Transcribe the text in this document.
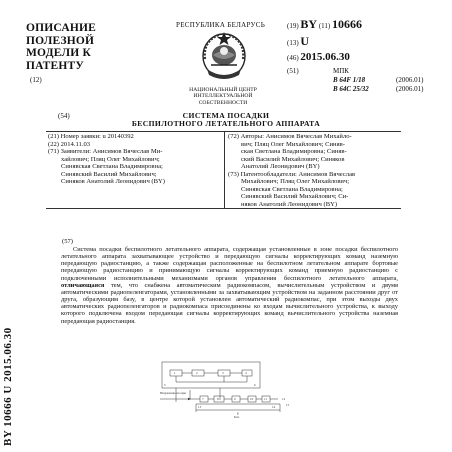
ОПИСАНИЕ
ПОЛЕЗНОЙ
МОДЕЛИ К
ПАТЕНТУ
(12)
РЕСПУБЛИКА БЕЛАРУСЬ
НАЦИОНАЛЬНЫЙ ЦЕНТР
ИНТЕЛЛЕКТУАЛЬНОЙ
СОБСТВЕННОСТИ
(19) BY (11) 10666
(13) U
(46) 2015.06.30
(51)	МПК
B 64F 1/18	(2006.01)
B 64C 25/32	(2006.01)
(54)	СИСТЕМА ПОСАДКИ
БЕСПИЛОТНОГО ЛЕТАТЕЛЬНОГО АППАРАТА
(21) Номер заявки: u 20140392
(22) 2014.11.03
(71) Заявители: Анисимов Вячеслав Ми-
хайлович; Пляц Олег Михайлович;
Синявская Светлана Владимировна;
Синявский Василий Михайлович;
Синяков Анатолий Леонидович (BY)
(72) Авторы: Анисимов Вячеслав Михайло-
вич; Пляц Олег Михайлович; Синяв-
ская Светлана Владимировна; Синяв-
ский Василий Михайлович; Синяков
Анатолий Леонидович (BY)
(73) Патентообладатели: Анисимов Вячеслав
Михайлович; Пляц Олег Михайлович;
Синявская Светлана Владимировна;
Синявский Василий Михайлович; Си-
няков Анатолий Леонидович (BY)
BY 10666 U 2015.06.30
(57)
Система посадки беспилотного летательного аппарата, содержащая установленные в зоне посадки беспилотного летательного аппарата захватывающее устройство и передающую сигналы корректирующих команд наземную передающую радиостанцию, а также содержащая расположенные на беспилотном летательном аппарате бортовые передающую радиостанцию и принимающую сигналы корректирующих команд приемную радиостанцию с подключенными исполнительными механизмами органов управления беспилотного летательного аппарата, отличающаяся тем, что снабжена автоматическим радиокомпасом, вычислительным устройством и двумя автоматическими радиопеленгаторами, установленными за захватывающим устройством на заданном расстоянии друг от друга, образующим базу, в центре которой установлен автоматический радиокомпас, при этом выходы двух автоматических радиопеленгаторов и радиокомпаса присоединены ко входам вычислительного устройства, к выходу которого подключена входом передающая сигналы корректирующих команд вычислительного устройства наземная передающая радиостанция.
1	2	3	4
5	6
Б
7	8	9	10	11	12
13	14	15
Направление посадки
База
